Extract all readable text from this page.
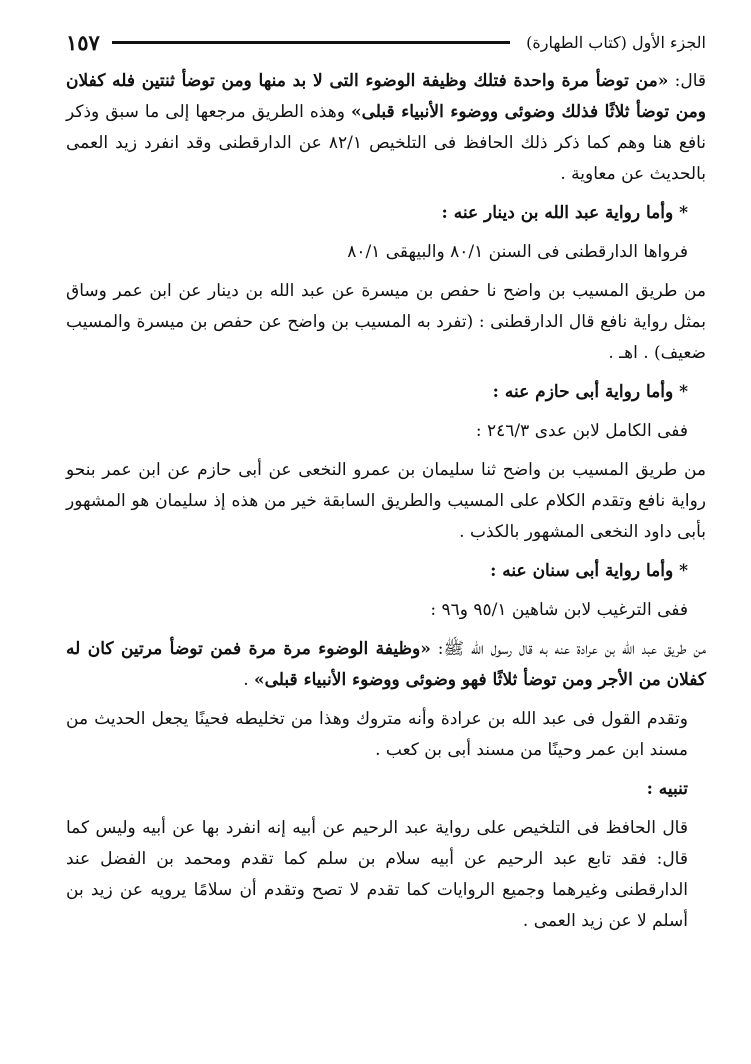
الجزء الأول (كتاب الطهارة)
١٥٧

قال: «من توضأ مرة واحدة فتلك وظيفة الوضوء التى لا بد منها ومن توضأ ثنتين فله كفلان ومن توضأ ثلاثًا فذلك وضوئى ووضوء الأنبياء قبلى» وهذه الطريق مرجعها إلى ما سبق وذكر نافع هنا وهم كما ذكر ذلك الحافظ فى التلخيص ٨٢/١ عن الدارقطنى وقد انفرد زيد العمى بالحديث عن معاوية .

* وأما رواية عبد الله بن دينار عنه :

فرواها الدارقطنى فى السنن ٨٠/١ والبيهقى ٨٠/١

من طريق المسيب بن واضح نا حفص بن ميسرة عن عبد الله بن دينار عن ابن عمر وساق بمثل رواية نافع قال الدارقطنى : (تفرد به المسيب بن واضح عن حفص بن ميسرة والمسيب ضعيف) . اهـ .

* وأما رواية أبى حازم عنه :

ففى الكامل لابن عدى ٢٤٦/٣ :

من طريق المسيب بن واضح ثنا سليمان بن عمرو النخعى عن أبى حازم عن ابن عمر بنحو رواية نافع وتقدم الكلام على المسيب والطريق السابقة خير من هذه إذ سليمان هو المشهور بأبى داود النخعى المشهور بالكذب .

* وأما رواية أبى سنان عنه :

ففى الترغيب لابن شاهين ٩٥/١ و٩٦ :

من طريق عبد الله بن عرادة عنه به قال رسول الله ﷺ: «وظيفة الوضوء مرة مرة فمن توضأ مرتين كان له كفلان من الأجر ومن توضأ ثلاثًا فهو وضوئى ووضوء الأنبياء قبلى» .

وتقدم القول فى عبد الله بن عرادة وأنه متروك وهذا من تخليطه فحينًا يجعل الحديث من مسند ابن عمر وحينًا من مسند أبى بن كعب .

تنبيه :

قال الحافظ فى التلخيص على رواية عبد الرحيم عن أبيه إنه انفرد بها عن أبيه وليس كما قال: فقد تابع عبد الرحيم عن أبيه سلام بن سلم كما تقدم ومحمد بن الفضل عند الدارقطنى وغيرهما وجميع الروايات كما تقدم لا تصح وتقدم أن سلامًا يرويه عن زيد بن أسلم لا عن زيد العمى .
